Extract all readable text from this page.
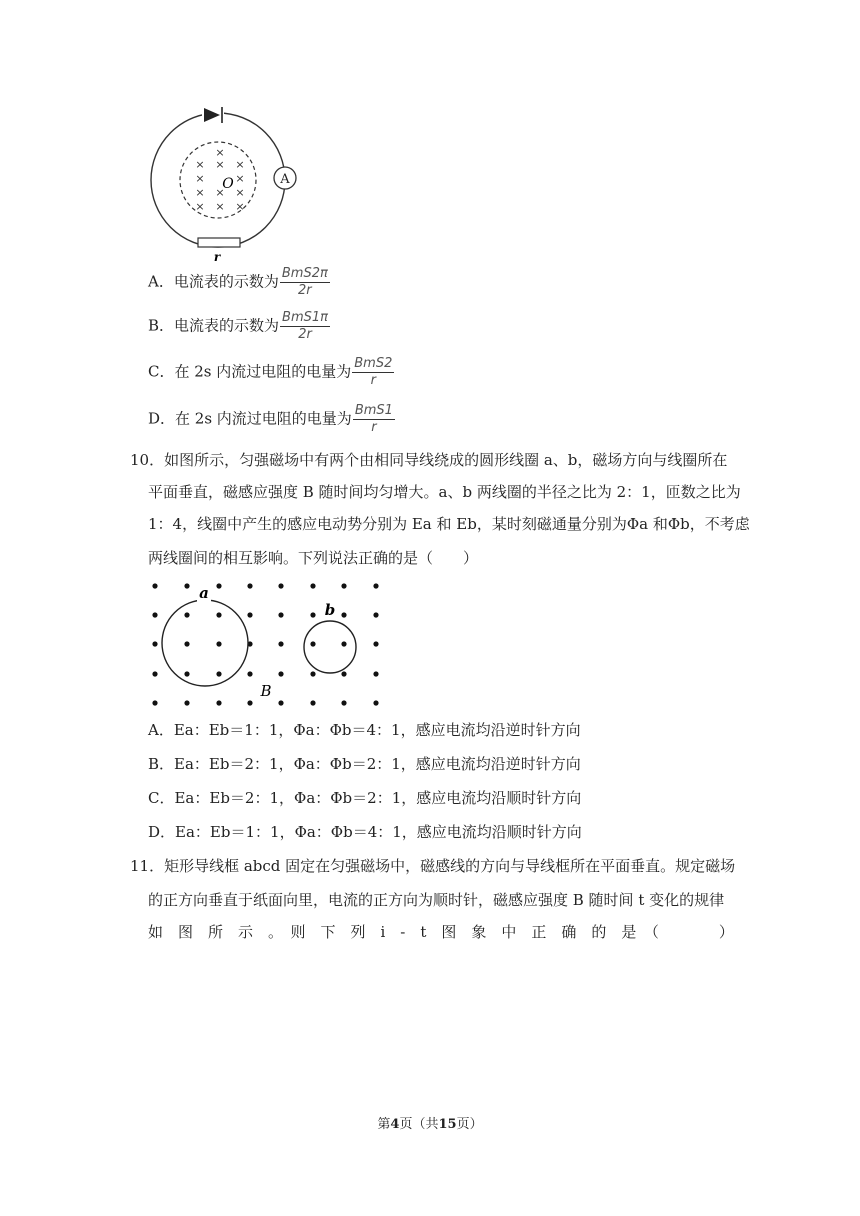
A
r
×
× × ×
×	×
× × ×
× × ×
O
A．电流表的示数为 $\frac{\text{BmS2π}}{2r}$
B．电流表的示数为 $\frac{\text{BmS1π}}{2r}$
C．在 2s 内流过电阻的电量为 $\frac{\text{BmS2}}{r}$
D．在 2s 内流过电阻的电量为 $\frac{\text{BmS1}}{r}$
10．如图所示，匀强磁场中有两个由相同导线绕成的圆形线圈 a、b，磁场方向与线圈所在
平面垂直，磁感应强度 B 随时间均匀增大。a、b 两线圈的半径之比为 2：1，匝数之比为
1：4，线圈中产生的感应电动势分别为 Ea 和 Eb，某时刻磁通量分别为Φa 和Φb，不考虑
两线圈间的相互影响。下列说法正确的是（　　）
a
b
B
A．Ea：Eb＝1：1，Φa：Φb＝4：1，感应电流均沿逆时针方向
B．Ea：Eb＝2：1，Φa：Φb＝2：1，感应电流均沿逆时针方向
C．Ea：Eb＝2：1，Φa：Φb＝2：1，感应电流均沿顺时针方向
D．Ea：Eb＝1：1，Φa：Φb＝4：1，感应电流均沿顺时针方向
11．矩形导线框 abcd 固定在匀强磁场中，磁感线的方向与导线框所在平面垂直。规定磁场
的正方向垂直于纸面向里，电流的正方向为顺时针，磁感应强度 B 随时间 t 变化的规律
如　图　所　示　。　则　下　列　i　-　t　图　象　中　正　确　的　是　（　　　　）
第4页（共15页）
